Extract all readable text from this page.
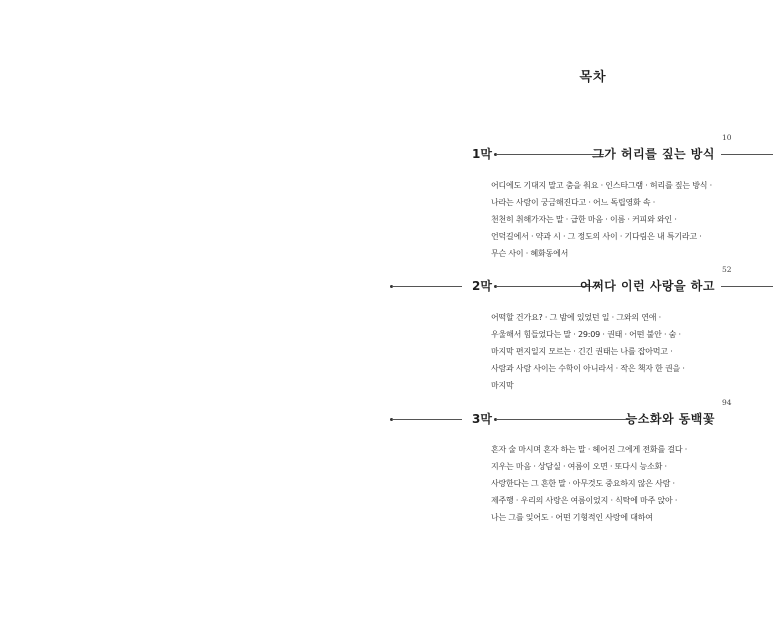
목차
10
1막	그가 허리를 짚는 방식
어디에도 기대지 말고 춤을 춰요 · 인스타그램 · 허리를 짚는 방식 ·
나라는 사람이 궁금해진다고 · 어느 독립영화 속 ·
천천히 취해가자는 말 · 급한 마음 · 이름 · 커피와 와인 ·
언덕길에서 · 약과 시 · 그 정도의 사이 · 기다림은 내 특기라고 ·
무슨 사이 · 혜화동에서
52
2막	어쩌다 이런 사랑을 하고
어떡할 건가요? · 그 밤에 있었던 일 · 그와의 연애 ·
우울해서 힘들었다는 말 · 29:09 · 권태 · 어떤 불안 · 숨 ·
마지막 편지일지 모르는 · 긴긴 권태는 나를 잡아먹고 ·
사람과 사람 사이는 수학이 아니라서 · 작은 책자 한 권을 ·
마지막
94
3막	능소화와 동백꽃
혼자 술 마시며 혼자 하는 말 · 헤어진 그에게 전화를 걸다 ·
지우는 마음 · 상담실 · 여름이 오면 · 또다시 능소화 ·
사랑한다는 그 흔한 말 · 아무것도 중요하지 않은 사람 ·
제주행 · 우리의 사랑은 여름이었지 · 식탁에 마주 앉아 ·
나는 그를 잊어도 · 어떤 기형적인 사랑에 대하여
